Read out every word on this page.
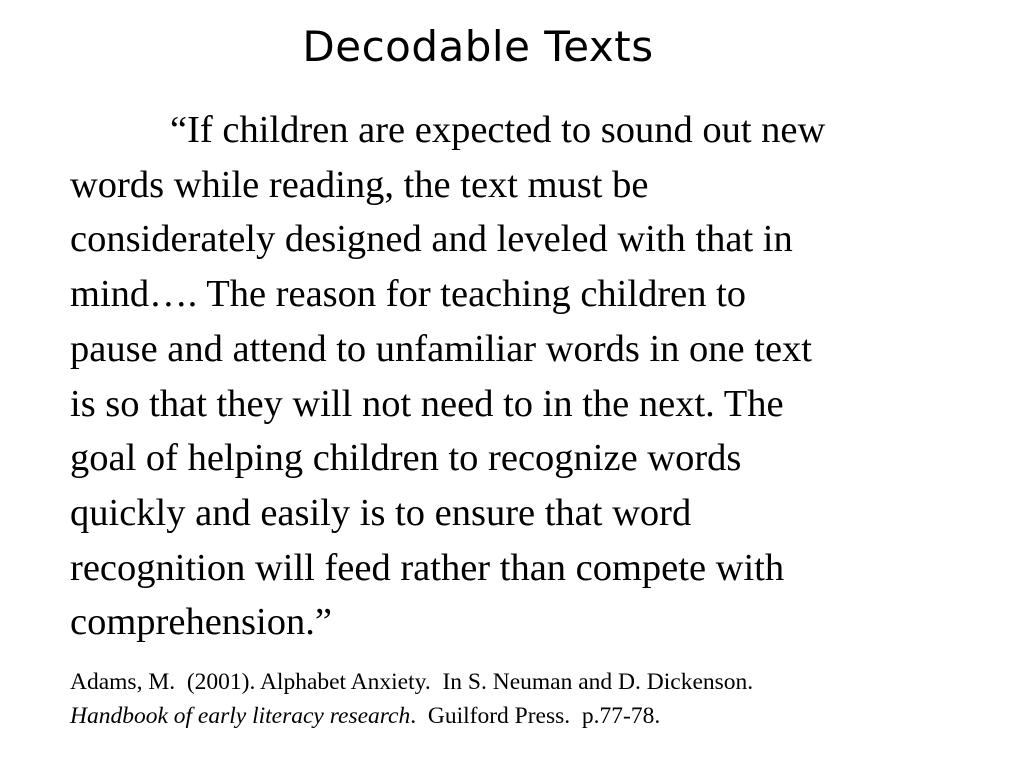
Decodable Texts
“If children are expected to sound out new
words while reading, the text must be
considerately designed and leveled with that in
mind…. The reason for teaching children to
pause and attend to unfamiliar words in one text
is so that they will not need to in the next. The
goal of helping children to recognize words
quickly and easily is to ensure that word
recognition will feed rather than compete with
comprehension.”
Adams, M.  (2001). Alphabet Anxiety.  In S. Neuman and D. Dickenson.
Handbook of early literacy research.  Guilford Press.  p.77-78.
